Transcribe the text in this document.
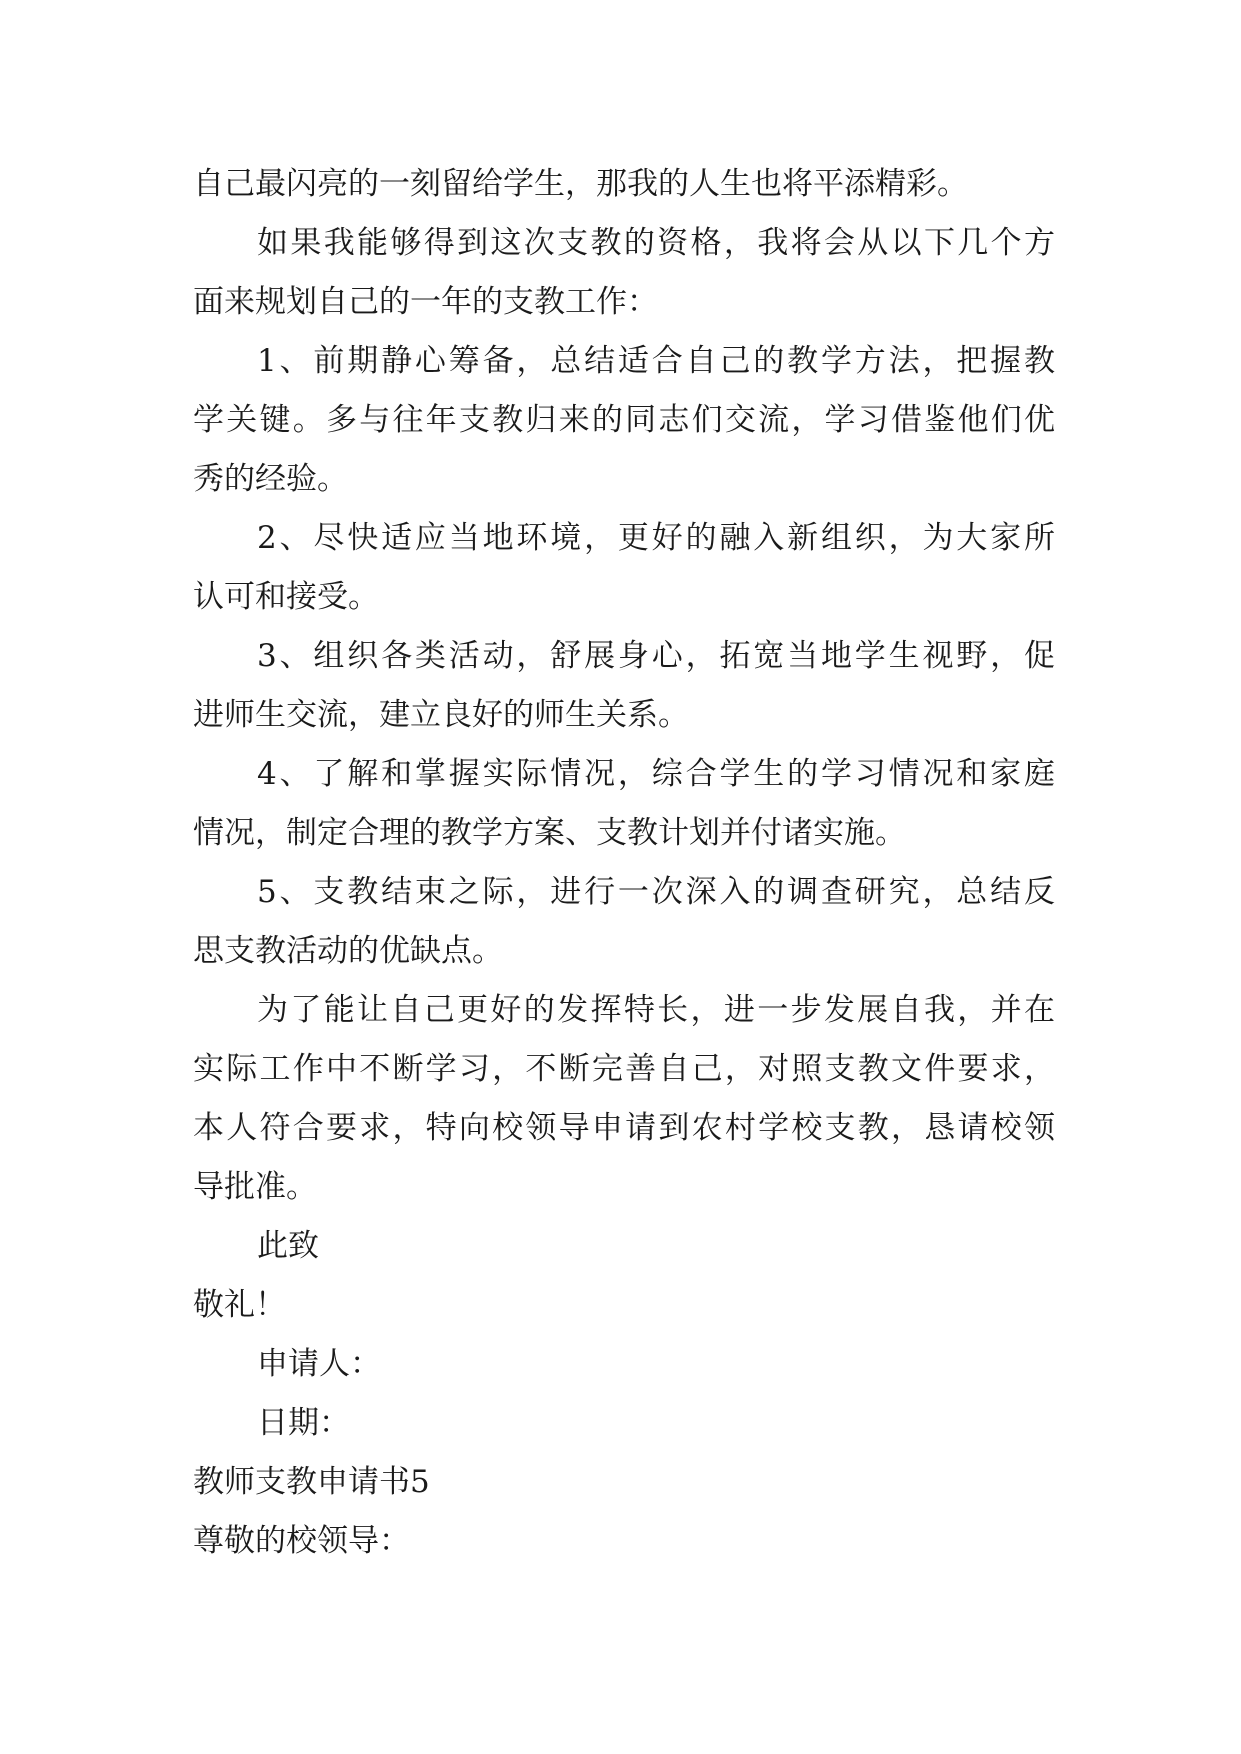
自己最闪亮的一刻留给学生，那我的人生也将平添精彩。
如果我能够得到这次支教的资格，我将会从以下几个方
面来规划自己的一年的支教工作：
1、前期静心筹备，总结适合自己的教学方法，把握教
学关键。多与往年支教归来的同志们交流，学习借鉴他们优
秀的经验。
2、尽快适应当地环境，更好的融入新组织，为大家所
认可和接受。
3、组织各类活动，舒展身心，拓宽当地学生视野，促
进师生交流，建立良好的师生关系。
4、了解和掌握实际情况，综合学生的学习情况和家庭
情况，制定合理的教学方案、支教计划并付诸实施。
5、支教结束之际，进行一次深入的调查研究，总结反
思支教活动的优缺点。
为了能让自己更好的发挥特长，进一步发展自我，并在
实际工作中不断学习，不断完善自己，对照支教文件要求，
本人符合要求，特向校领导申请到农村学校支教，恳请校领
导批准。
此致
敬礼！
申请人：
日期：
教师支教申请书5
尊敬的校领导：
